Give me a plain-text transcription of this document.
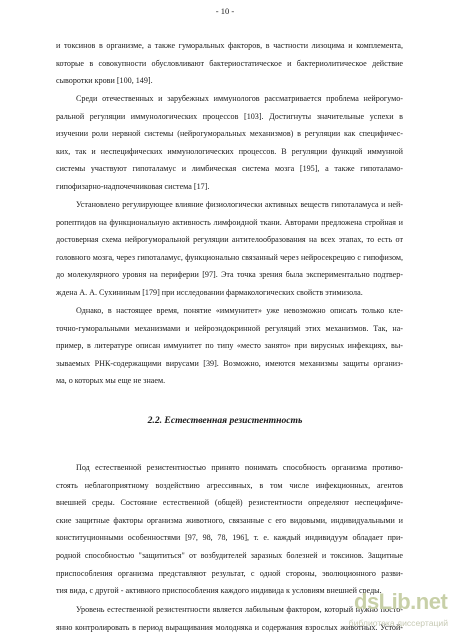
- 10 -
и токсинов в организме, а также гуморальных факторов, в частности лизоцима и комплемента,
которые в совокупности обусловливают бактериостатическое и бактериолитическое действие
сыворотки крови [100, 149].
Среди отечественных и зарубежных иммунологов рассматривается проблема нейрогумо-
ральной регуляции иммунологических процессов [103]. Достигнуты значительные успехи в
изучении роли нервной системы (нейрогуморальных механизмов) в регуляции как специфичес-
ких, так и неспецифических иммунологических процессов. В регуляции функций иммунной
системы участвуют гипоталамус и лимбическая система мозга [195], а также гипоталамо-
гипофизарно-надпочечниковая система [17].
Установлено регулирующее влияние физиологически активных веществ гипоталамуса и ней-
ропептидов на функциональную активность лимфоидной ткани. Авторами предложена стройная и
достоверная схема нейрогуморальной регуляции антителообразования на всех этапах, то есть от
головного мозга, через гипоталамус, функционально связанный через нейросекрецию с гипофизом,
до молекулярного уровня на периферии [97]. Эта точка зрения была экспериментально подтвер-
ждена А. А. Сухининым [179] при исследовании фармакологических свойств этимизола.
Однако, в настоящее время, понятие «иммунитет» уже невозможно описать только кле-
точно-гуморальными механизмами и нейроэндокринной регуляций этих механизмов. Так, на-
пример, в литературе описан иммунитет по типу «место занято» при вирусных инфекциях, вы-
зываемых РНК-содержащими вирусами [39]. Возможно, имеются механизмы защиты организ-
ма, о которых мы еще не знаем.
2.2. Естественная резистентность
Под естественной резистентностью принято понимать способность организма противо-
стоять неблагоприятному воздействию агрессивных, в том числе инфекционных, агентов
внешней среды. Состояние естественной (общей) резистентности определяют неспецифиче-
ские защитные факторы организма животного, связанные с его видовыми, индивидуальными и
конституционными особенностями [97, 98, 78, 196], т. е. каждый индивидуум обладает при-
родной способностью "защититься" от возбудителей заразных болезней и токсинов. Защитные
приспособления организма представляют результат, с одной стороны, эволюционного разви-
тия вида, с другой - активного приспособления каждого индивида к условиям внешней среды.
Уровень естественной резистентности является лабильным фактором, который нужно посто-
янно контролировать в период выращивания молодняка и содержания взрослых животных. Устой-
dsLib.net
библиотека диссертаций
